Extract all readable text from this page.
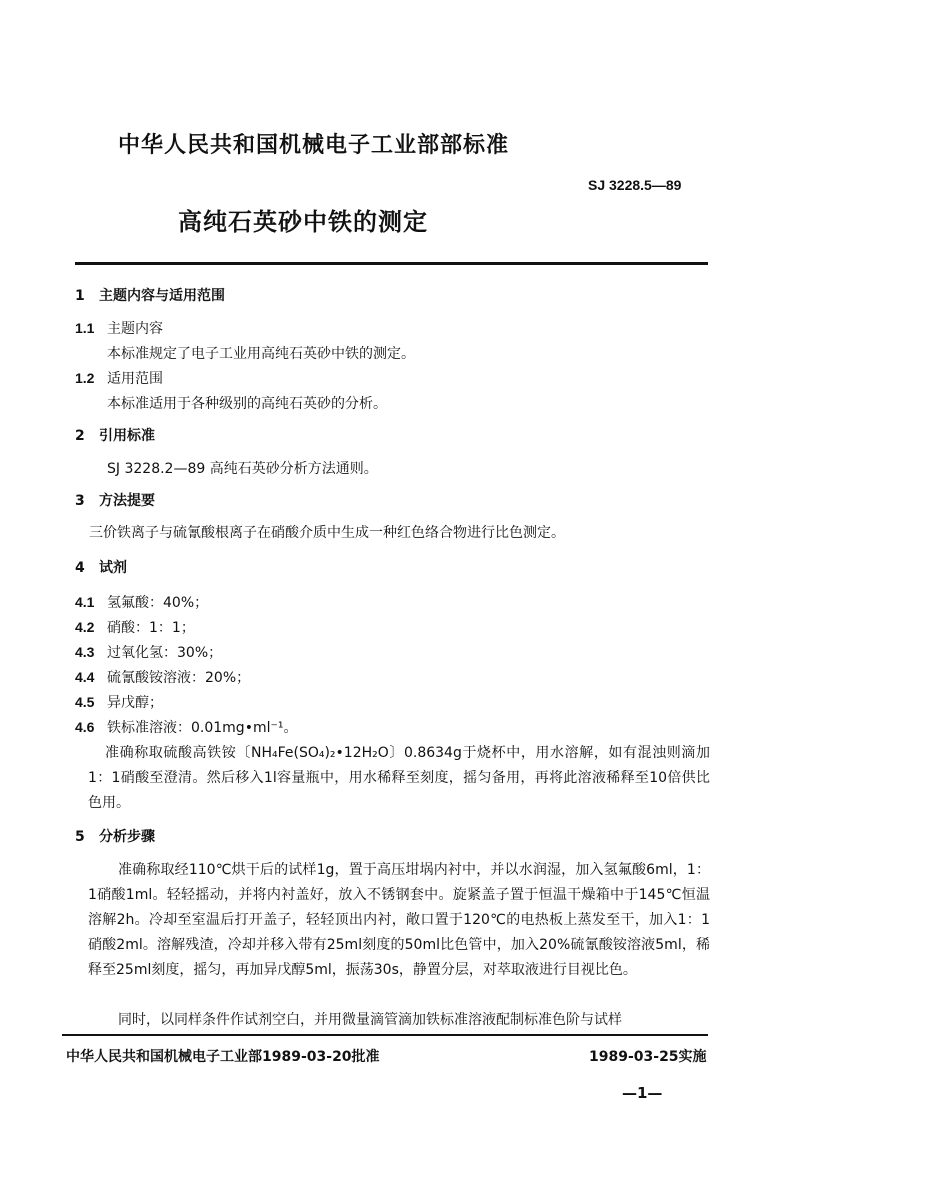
中华人民共和国机械电子工业部部标准
SJ 3228.5—89
高纯石英砂中铁的测定
1 主题内容与适用范围
1.1 主题内容
本标准规定了电子工业用高纯石英砂中铁的测定。
1.2 适用范围
本标准适用于各种级别的高纯石英砂的分析。
2 引用标准
SJ 3228.2—89 高纯石英砂分析方法通则。
3 方法提要
三价铁离子与硫氰酸根离子在硝酸介质中生成一种红色络合物进行比色测定。
4 试剂
4.1 氢氟酸：40%；
4.2 硝酸：1：1；
4.3 过氧化氢：30%；
4.4 硫氰酸铵溶液：20%；
4.5 异戊醇；
4.6 铁标准溶液：0.01mg•ml⁻¹。
准确称取硫酸高铁铵〔NH₄Fe(SO₄)₂•12H₂O〕0.8634g于烧杯中，用水溶解，如有混浊则滴加1：1硝酸至澄清。然后移入1l容量瓶中，用水稀释至刻度，摇匀备用，再将此溶液稀释至10倍供比色用。
5 分析步骤
准确称取经110℃烘干后的试样1g，置于高压坩埚内衬中，并以水润湿，加入氢氟酸6ml，1：1硝酸1ml。轻轻摇动，并将内衬盖好，放入不锈钢套中。旋紧盖子置于恒温干燥箱中于145℃恒温溶解2h。冷却至室温后打开盖子，轻轻顶出内衬，敞口置于120℃的电热板上蒸发至干，加入1：1硝酸2ml。溶解残渣，冷却并移入带有25ml刻度的50ml比色管中，加入20%硫氰酸铵溶液5ml，稀释至25ml刻度，摇匀，再加异戊醇5ml，振荡30s，静置分层，对萃取液进行目视比色。
同时，以同样条件作试剂空白，并用微量滴管滴加铁标准溶液配制标准色阶与试样
中华人民共和国机械电子工业部1989-03-20批准	1989-03-25实施
—1—
